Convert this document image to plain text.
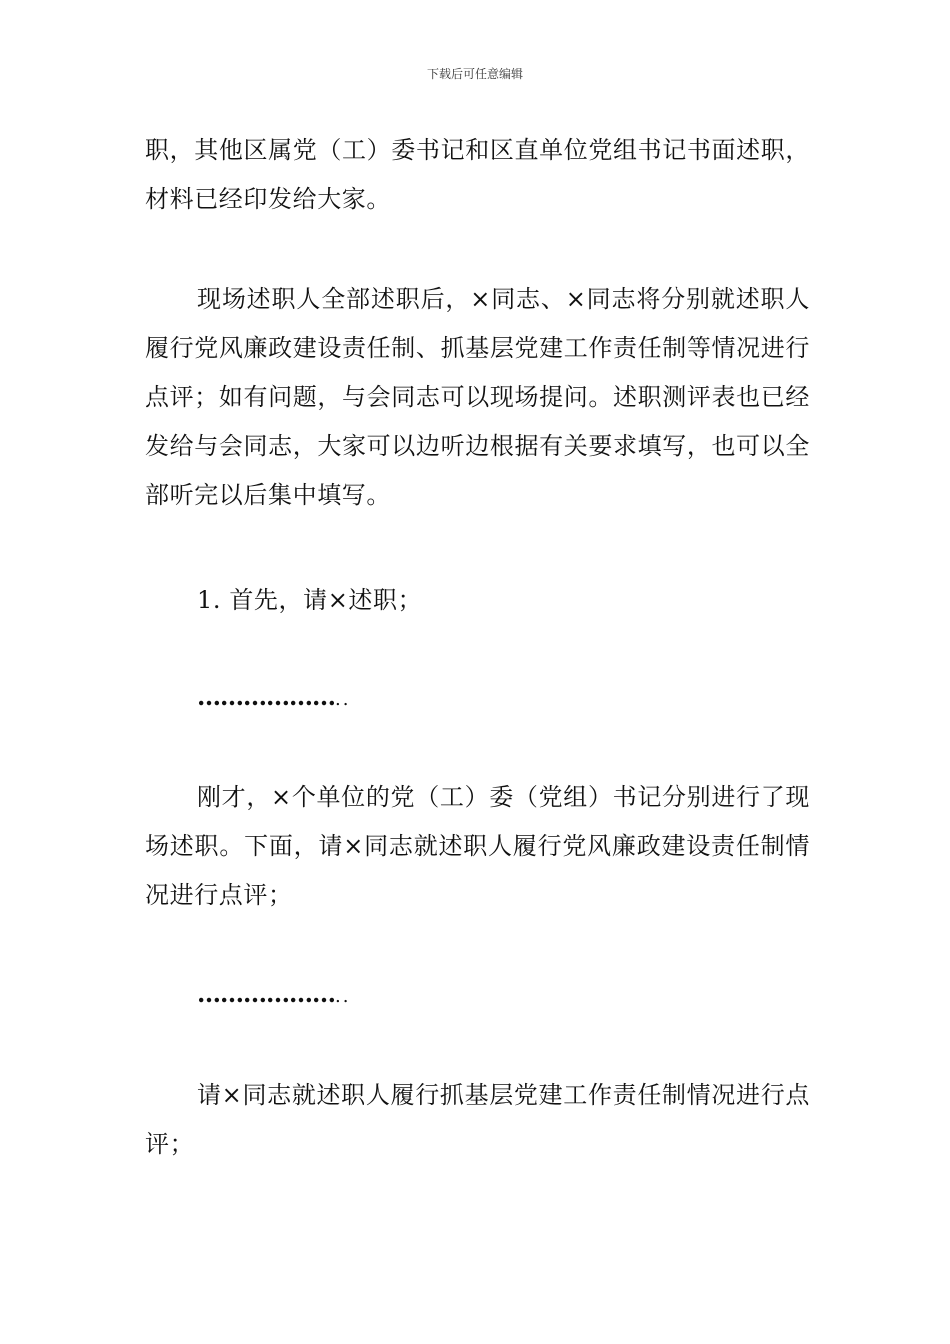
下载后可任意编辑

职，其他区属党（工）委书记和区直单位党组书记书面述职，材料已经印发给大家。

现场述职人全部述职后，×同志、×同志将分别就述职人履行党风廉政建设责任制、抓基层党建工作责任制等情况进行点评；如有问题，与会同志可以现场提问。述职测评表也已经发给与会同志，大家可以边听边根据有关要求填写，也可以全部听完以后集中填写。

1. 首先，请×述职；

………………..

刚才，×个单位的党（工）委（党组）书记分别进行了现场述职。下面，请×同志就述职人履行党风廉政建设责任制情况进行点评；

………………..

请×同志就述职人履行抓基层党建工作责任制情况进行点评；
